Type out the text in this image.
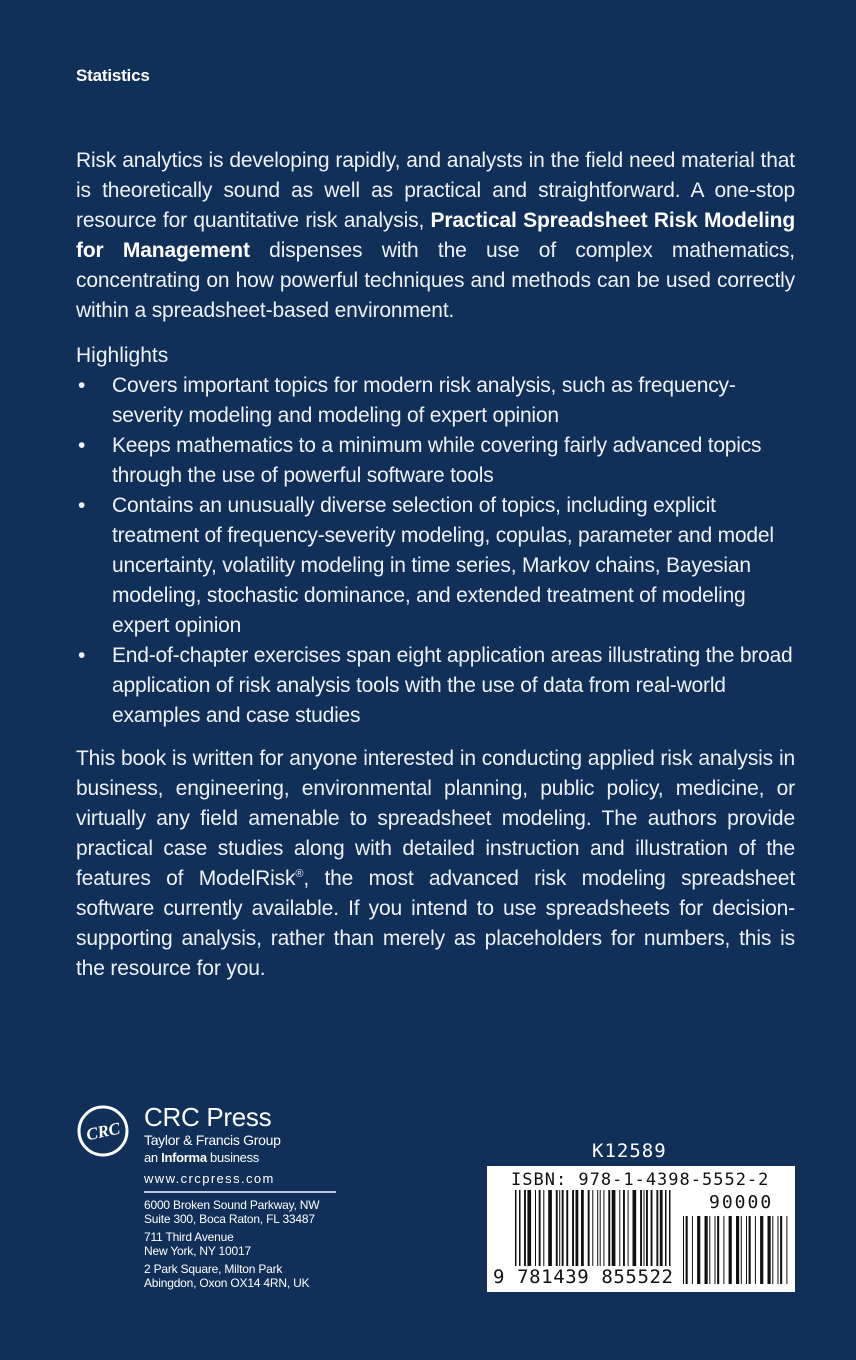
Statistics

Risk analytics is developing rapidly, and analysts in the field need material that is theoretically sound as well as practical and straightforward. A one-stop resource for quantitative risk analysis, Practical Spreadsheet Risk Modeling for Management dispenses with the use of complex mathematics, concentrating on how powerful techniques and methods can be used correctly within a spreadsheet-based environment.

Highlights
• Covers important topics for modern risk analysis, such as frequency-severity modeling and modeling of expert opinion
• Keeps mathematics to a minimum while covering fairly advanced topics through the use of powerful software tools
• Contains an unusually diverse selection of topics, including explicit treatment of frequency-severity modeling, copulas, parameter and model uncertainty, volatility modeling in time series, Markov chains, Bayesian modeling, stochastic dominance, and extended treatment of modeling expert opinion
• End-of-chapter exercises span eight application areas illustrating the broad application of risk analysis tools with the use of data from real-world examples and case studies

This book is written for anyone interested in conducting applied risk analysis in business, engineering, environmental planning, public policy, medicine, or virtually any field amenable to spreadsheet modeling. The authors provide practical case studies along with detailed instruction and illustration of the features of ModelRisk®, the most advanced risk modeling spreadsheet software currently available. If you intend to use spreadsheets for decision-supporting analysis, rather than merely as placeholders for numbers, this is the resource for you.

CRC CRC Press
Taylor & Francis Group
an Informa business
www.crcpress.com
6000 Broken Sound Parkway, NW
Suite 300, Boca Raton, FL 33487
711 Third Avenue
New York, NY 10017
2 Park Square, Milton Park
Abingdon, Oxon OX14 4RN, UK
K12589
ISBN: 978-1-4398-5552-2
90000
9 781439 855522
